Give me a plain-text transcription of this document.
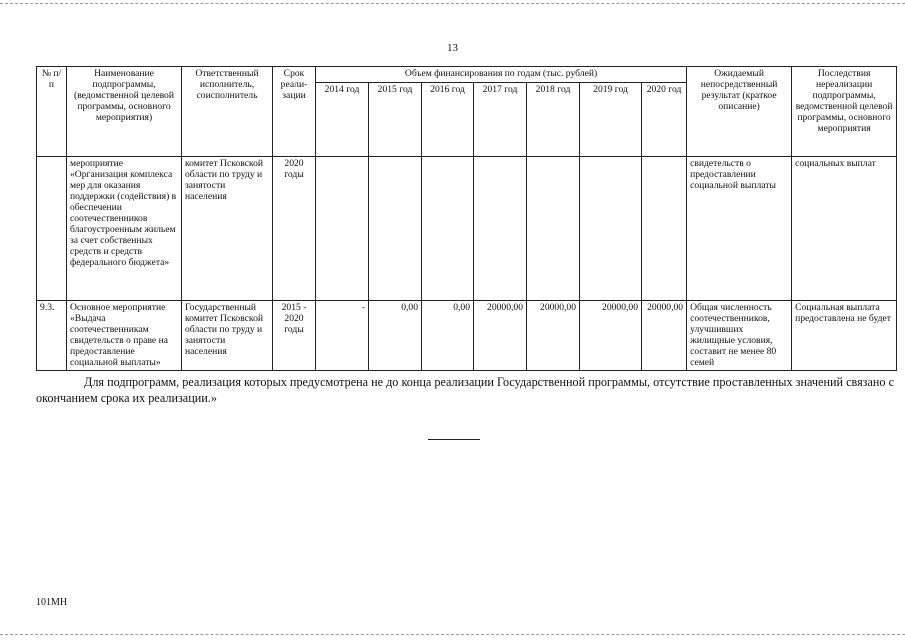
13
№ п/п	Наименование подпрограммы, (ведомственной целевой программы, основного мероприятия)	Ответственный исполнитель, соисполнитель	Срок реали-зации	Объем финансирования по годам (тыс. рублей)							Ожидаемый непосредственный результат (краткое описание)	Последствия нереализации подпрограммы, ведомственной целевой программы, основного мероприятия
				2014 год	2015 год	2016 год	2017 год	2018 год	2019 год	2020 год		
	мероприятие «Организация комплекса мер для оказания поддержки (содействия) в обеспечении соотечественников благоустроенным жильем за счет собственных средств и средств федерального бюджета»	комитет Псковской области по труду и занятости населения	2020 годы								свидетельств о предоставлении социальной выплаты	социальных выплат
9.3.	Основное мероприятие «Выдача соотечественникам свидетельств о праве на предоставление социальной выплаты»	Государственный комитет Псковской области по труду и занятости населения	2015 - 2020 годы	-	0,00	0,00	20000,00	20000,00	20000,00	20000,00	Общая численность соотечественников, улучшивших жилищные условия, составит не менее 80 семей	Социальная выплата предоставлена не будет
Для подпрограмм, реализация которых предусмотрена не до конца реализации Государственной программы, отсутствие проставленных значений связано с окончанием срока их реализации.»
101МН
